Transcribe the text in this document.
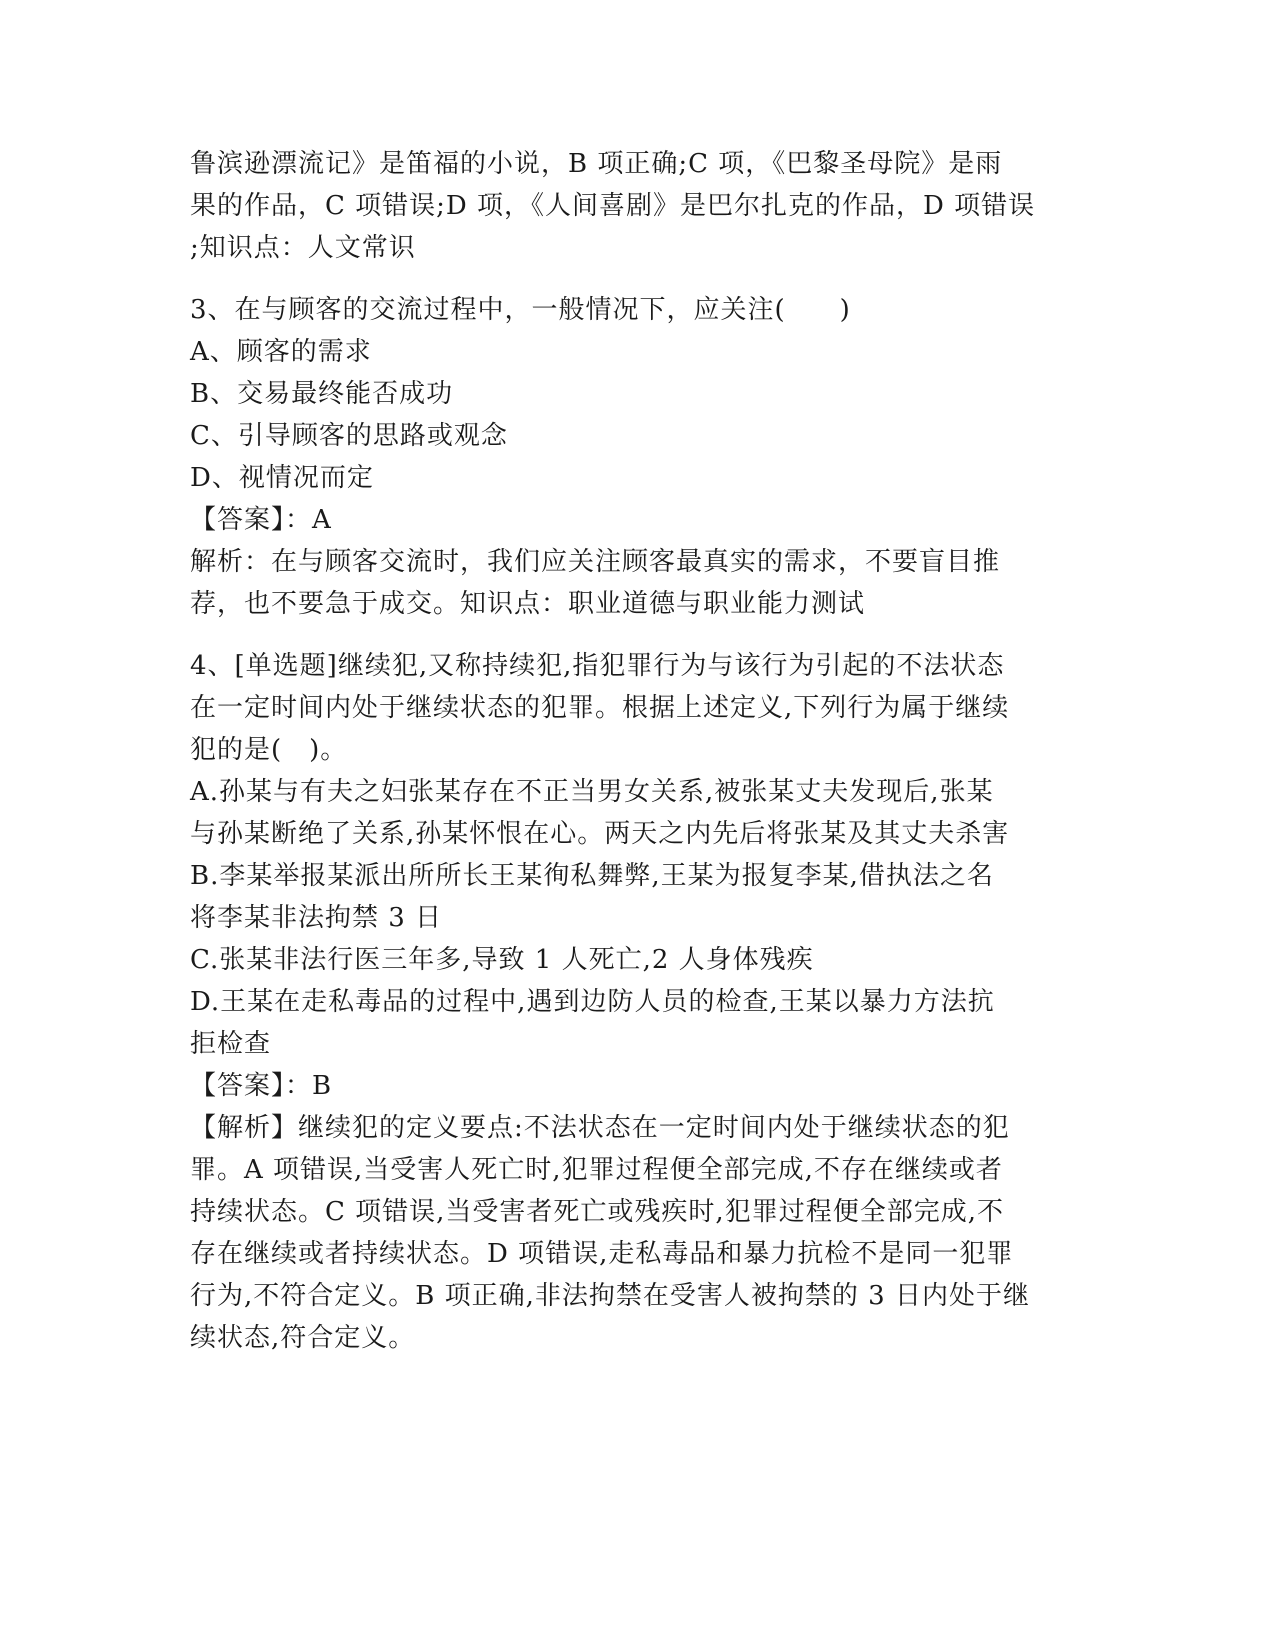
鲁滨逊漂流记》是笛福的小说，B 项正确;C 项，《巴黎圣母院》是雨
果的作品，C 项错误;D 项，《人间喜剧》是巴尔扎克的作品，D 项错误
;知识点：人文常识
3、在与顾客的交流过程中，一般情况下，应关注(　　)
A、顾客的需求
B、交易最终能否成功
C、引导顾客的思路或观念
D、视情况而定
【答案】：A
解析：在与顾客交流时，我们应关注顾客最真实的需求，不要盲目推
荐，也不要急于成交。知识点：职业道德与职业能力测试
4、[单选题]继续犯,又称持续犯,指犯罪行为与该行为引起的不法状态
在一定时间内处于继续状态的犯罪。根据上述定义,下列行为属于继续
犯的是(　)。
A.孙某与有夫之妇张某存在不正当男女关系,被张某丈夫发现后,张某
与孙某断绝了关系,孙某怀恨在心。两天之内先后将张某及其丈夫杀害
B.李某举报某派出所所长王某徇私舞弊,王某为报复李某,借执法之名
将李某非法拘禁 3 日
C.张某非法行医三年多,导致 1 人死亡,2 人身体残疾
D.王某在走私毒品的过程中,遇到边防人员的检查,王某以暴力方法抗
拒检查
【答案】：B
【解析】继续犯的定义要点:不法状态在一定时间内处于继续状态的犯
罪。A 项错误,当受害人死亡时,犯罪过程便全部完成,不存在继续或者
持续状态。C 项错误,当受害者死亡或残疾时,犯罪过程便全部完成,不
存在继续或者持续状态。D 项错误,走私毒品和暴力抗检不是同一犯罪
行为,不符合定义。B 项正确,非法拘禁在受害人被拘禁的 3 日内处于继
续状态,符合定义。
